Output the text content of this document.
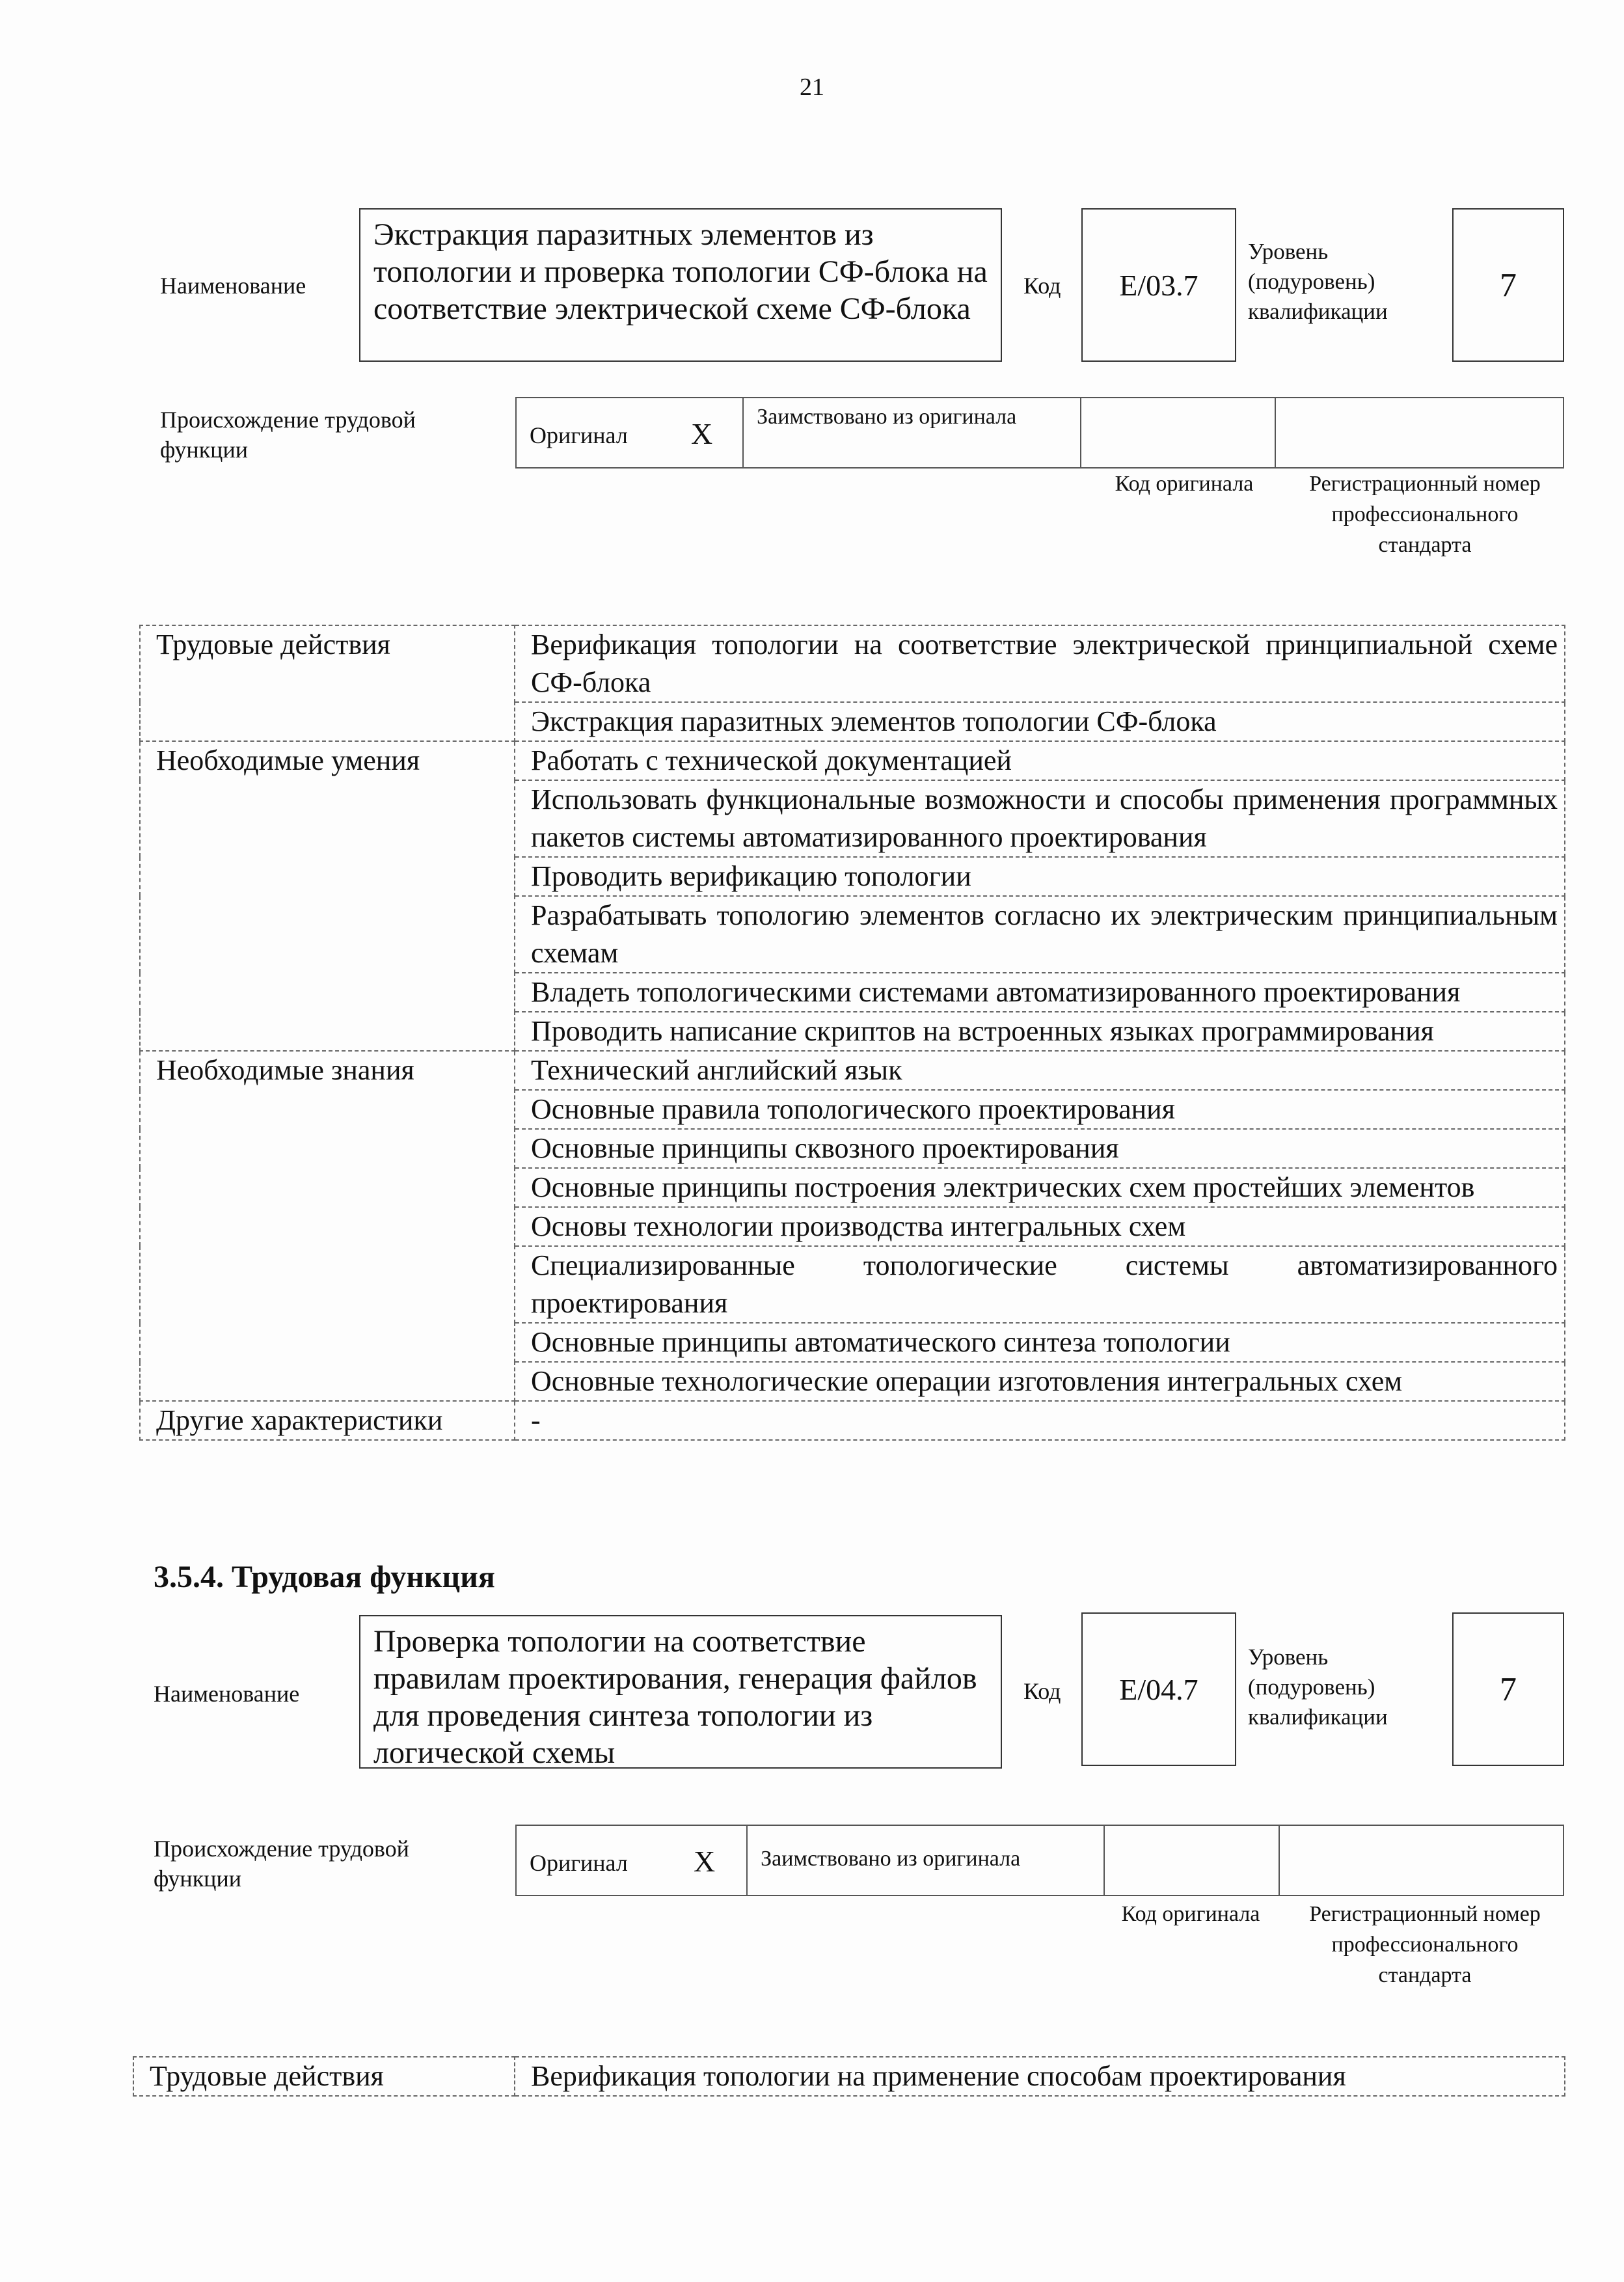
21
Наименование
Экстракция паразитных элементов из топологии и проверка топологии СФ-блока на соответствие электрической схеме СФ-блока
Код	E/03.7
Уровень (подуровень) квалификации
7
Происхождение трудовой функции
Оригинал X
Заимствовано из оригинала
Код оригинала	Регистрационный номер профессионального стандарта
Трудовые действия	Верификация топологии на соответствие электрической принципиальной схеме СФ-блока
	Экстракция паразитных элементов топологии СФ-блока
Необходимые умения	Работать с технической документацией
	Использовать функциональные возможности и способы применения программных пакетов системы автоматизированного проектирования
	Проводить верификацию топологии
	Разрабатывать топологию элементов согласно их электрическим принципиальным схемам
	Владеть топологическими системами автоматизированного проектирования
	Проводить написание скриптов на встроенных языках программирования
Необходимые знания	Технический английский язык
	Основные правила топологического проектирования
	Основные принципы сквозного проектирования
	Основные принципы построения электрических схем простейших элементов
	Основы технологии производства интегральных схем
	Специализированные топологические системы автоматизированного проектирования
	Основные принципы автоматического синтеза топологии
	Основные технологические операции изготовления интегральных схем
Другие характеристики	-
3.5.4. Трудовая функция
Наименование
Проверка топологии на соответствие правилам проектирования, генерация файлов для проведения синтеза топологии из логической схемы
Код	E/04.7
Уровень (подуровень) квалификации
7
Происхождение трудовой функции
Оригинал X	Заимствовано из оригинала
Код оригинала	Регистрационный номер профессионального стандарта
Трудовые действия	Верификация топологии на применение способам проектирования
